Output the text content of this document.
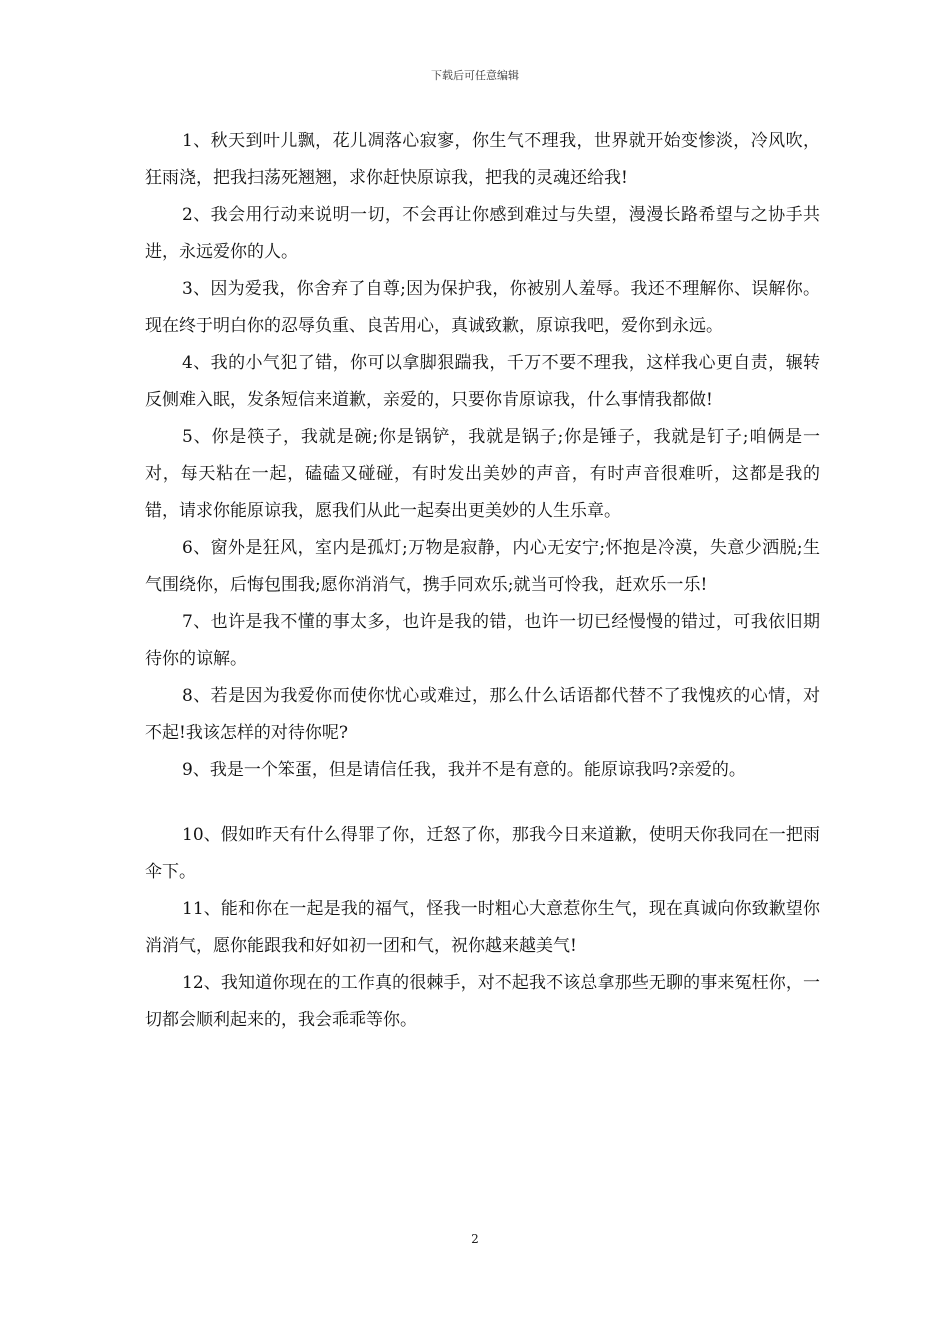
下载后可任意编辑

1、秋天到叶儿飘，花儿凋落心寂寥，你生气不理我，世界就开始变惨淡，冷风吹，狂雨浇，把我扫荡死翘翘，求你赶快原谅我，把我的灵魂还给我!

2、我会用行动来说明一切，不会再让你感到难过与失望，漫漫长路希望与之协手共进，永远爱你的人。

3、因为爱我，你舍弃了自尊;因为保护我，你被别人羞辱。我还不理解你、误解你。现在终于明白你的忍辱负重、良苦用心，真诚致歉，原谅我吧，爱你到永远。

4、我的小气犯了错，你可以拿脚狠踹我，千万不要不理我，这样我心更自责，辗转反侧难入眠，发条短信来道歉，亲爱的，只要你肯原谅我，什么事情我都做!

5、你是筷子，我就是碗;你是锅铲，我就是锅子;你是锤子，我就是钉子;咱俩是一对，每天粘在一起，磕磕又碰碰，有时发出美妙的声音，有时声音很难听，这都是我的错，请求你能原谅我，愿我们从此一起奏出更美妙的人生乐章。

6、窗外是狂风，室内是孤灯;万物是寂静，内心无安宁;怀抱是冷漠，失意少洒脱;生气围绕你，后悔包围我;愿你消消气，携手同欢乐;就当可怜我，赶欢乐一乐!

7、也许是我不懂的事太多，也许是我的错，也许一切已经慢慢的错过，可我依旧期待你的谅解。

8、若是因为我爱你而使你忧心或难过，那么什么话语都代替不了我愧疚的心情，对不起!我该怎样的对待你呢?

9、我是一个笨蛋，但是请信任我，我并不是有意的。能原谅我吗?亲爱的。

10、假如昨天有什么得罪了你，迁怒了你，那我今日来道歉，使明天你我同在一把雨伞下。

11、能和你在一起是我的福气，怪我一时粗心大意惹你生气，现在真诚向你致歉望你消消气，愿你能跟我和好如初一团和气，祝你越来越美气!

12、我知道你现在的工作真的很棘手，对不起我不该总拿那些无聊的事来冤枉你，一切都会顺利起来的，我会乖乖等你。

2
